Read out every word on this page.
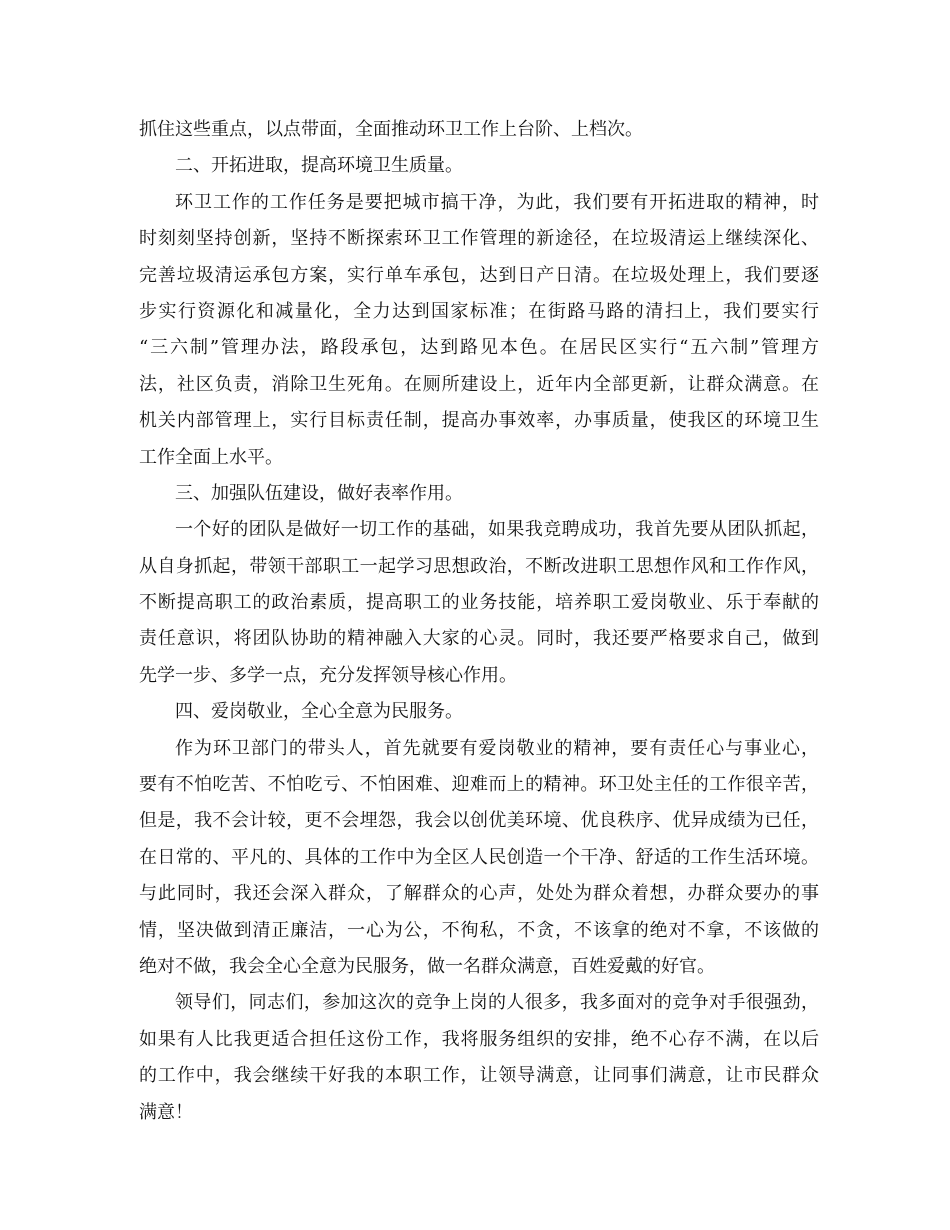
抓住这些重点，以点带面，全面推动环卫工作上台阶、上档次。
二、开拓进取，提高环境卫生质量。
环卫工作的工作任务是要把城市搞干净，为此，我们要有开拓进取的精神，时
时刻刻坚持创新，坚持不断探索环卫工作管理的新途径，在垃圾清运上继续深化、
完善垃圾清运承包方案，实行单车承包，达到日产日清。在垃圾处理上，我们要逐
步实行资源化和减量化，全力达到国家标准；在街路马路的清扫上，我们要实行
“三六制”管理办法，路段承包，达到路见本色。在居民区实行“五六制”管理方
法，社区负责，消除卫生死角。在厕所建设上，近年内全部更新，让群众满意。在
机关内部管理上，实行目标责任制，提高办事效率，办事质量，使我区的环境卫生
工作全面上水平。
三、加强队伍建设，做好表率作用。
一个好的团队是做好一切工作的基础，如果我竞聘成功，我首先要从团队抓起，
从自身抓起，带领干部职工一起学习思想政治，不断改进职工思想作风和工作作风，
不断提高职工的政治素质，提高职工的业务技能，培养职工爱岗敬业、乐于奉献的
责任意识，将团队协助的精神融入大家的心灵。同时，我还要严格要求自己，做到
先学一步、多学一点，充分发挥领导核心作用。
四、爱岗敬业，全心全意为民服务。
作为环卫部门的带头人，首先就要有爱岗敬业的精神，要有责任心与事业心，
要有不怕吃苦、不怕吃亏、不怕困难、迎难而上的精神。环卫处主任的工作很辛苦，
但是，我不会计较，更不会埋怨，我会以创优美环境、优良秩序、优异成绩为已任，
在日常的、平凡的、具体的工作中为全区人民创造一个干净、舒适的工作生活环境。
与此同时，我还会深入群众，了解群众的心声，处处为群众着想，办群众要办的事
情，坚决做到清正廉洁，一心为公，不徇私，不贪，不该拿的绝对不拿，不该做的
绝对不做，我会全心全意为民服务，做一名群众满意，百姓爱戴的好官。
领导们，同志们，参加这次的竞争上岗的人很多，我多面对的竞争对手很强劲，
如果有人比我更适合担任这份工作，我将服务组织的安排，绝不心存不满，在以后
的工作中，我会继续干好我的本职工作，让领导满意，让同事们满意，让市民群众
满意！
